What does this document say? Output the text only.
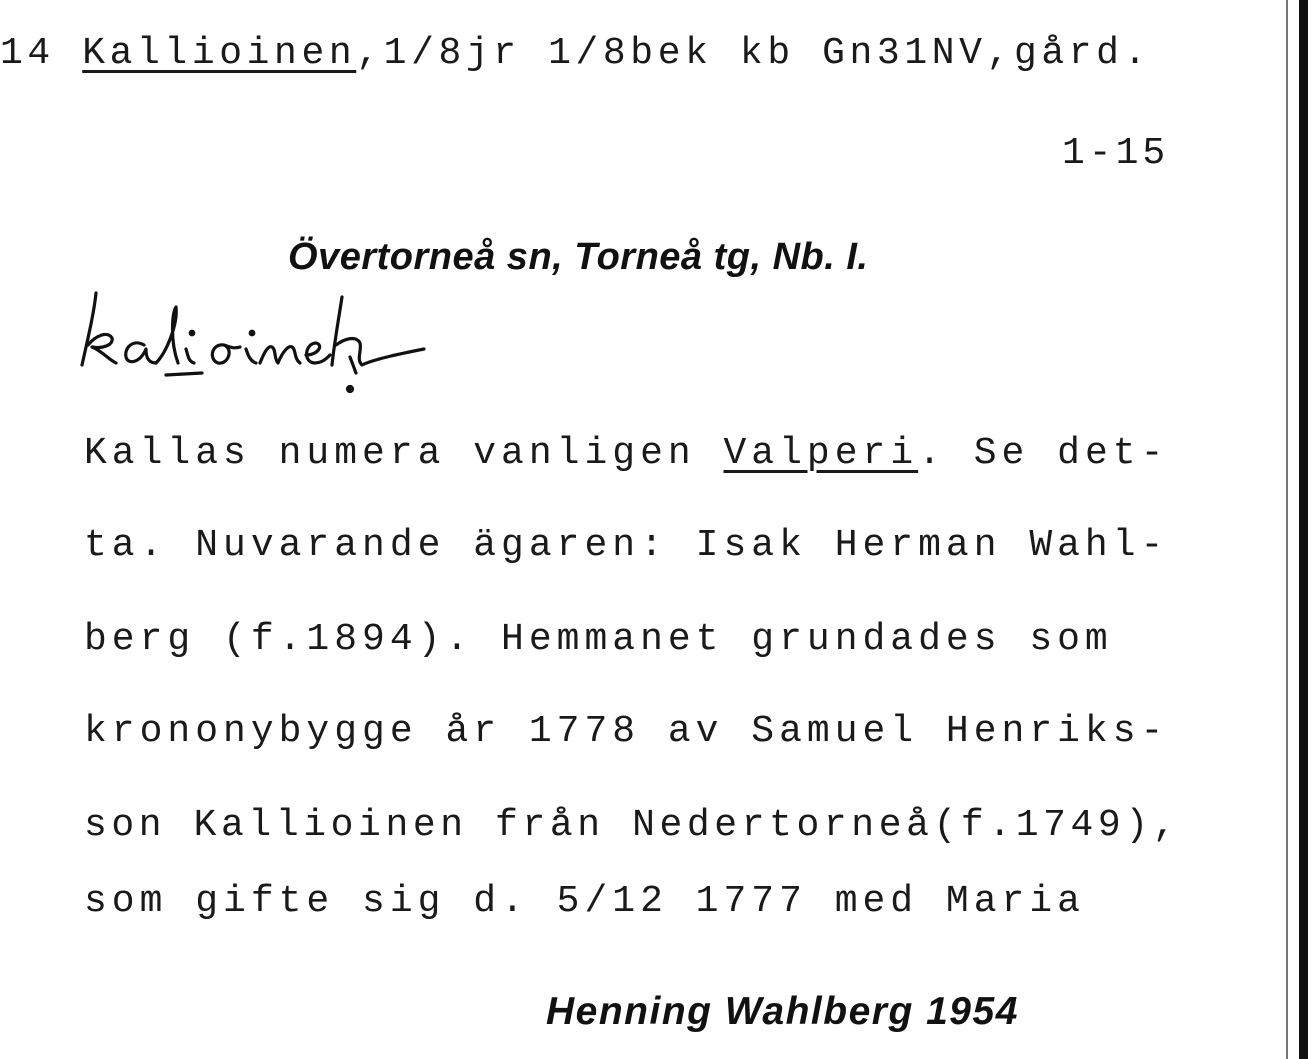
14 Kallioinen,1/8jr 1/8bek kb Gn31NV,gård.
1-15
Övertorneå sn, Torneå tg, Nb. I.
Kallas numera vanligen Valperi. Se det-
ta. Nuvarande ägaren: Isak Herman Wahl-
berg (f.1894). Hemmanet grundades som
krononybygge år 1778 av Samuel Henriks-
son Kallioinen från Nedertorneå(f.1749),
som gifte sig d. 5/12 1777 med Maria
Henning Wahlberg 1954
